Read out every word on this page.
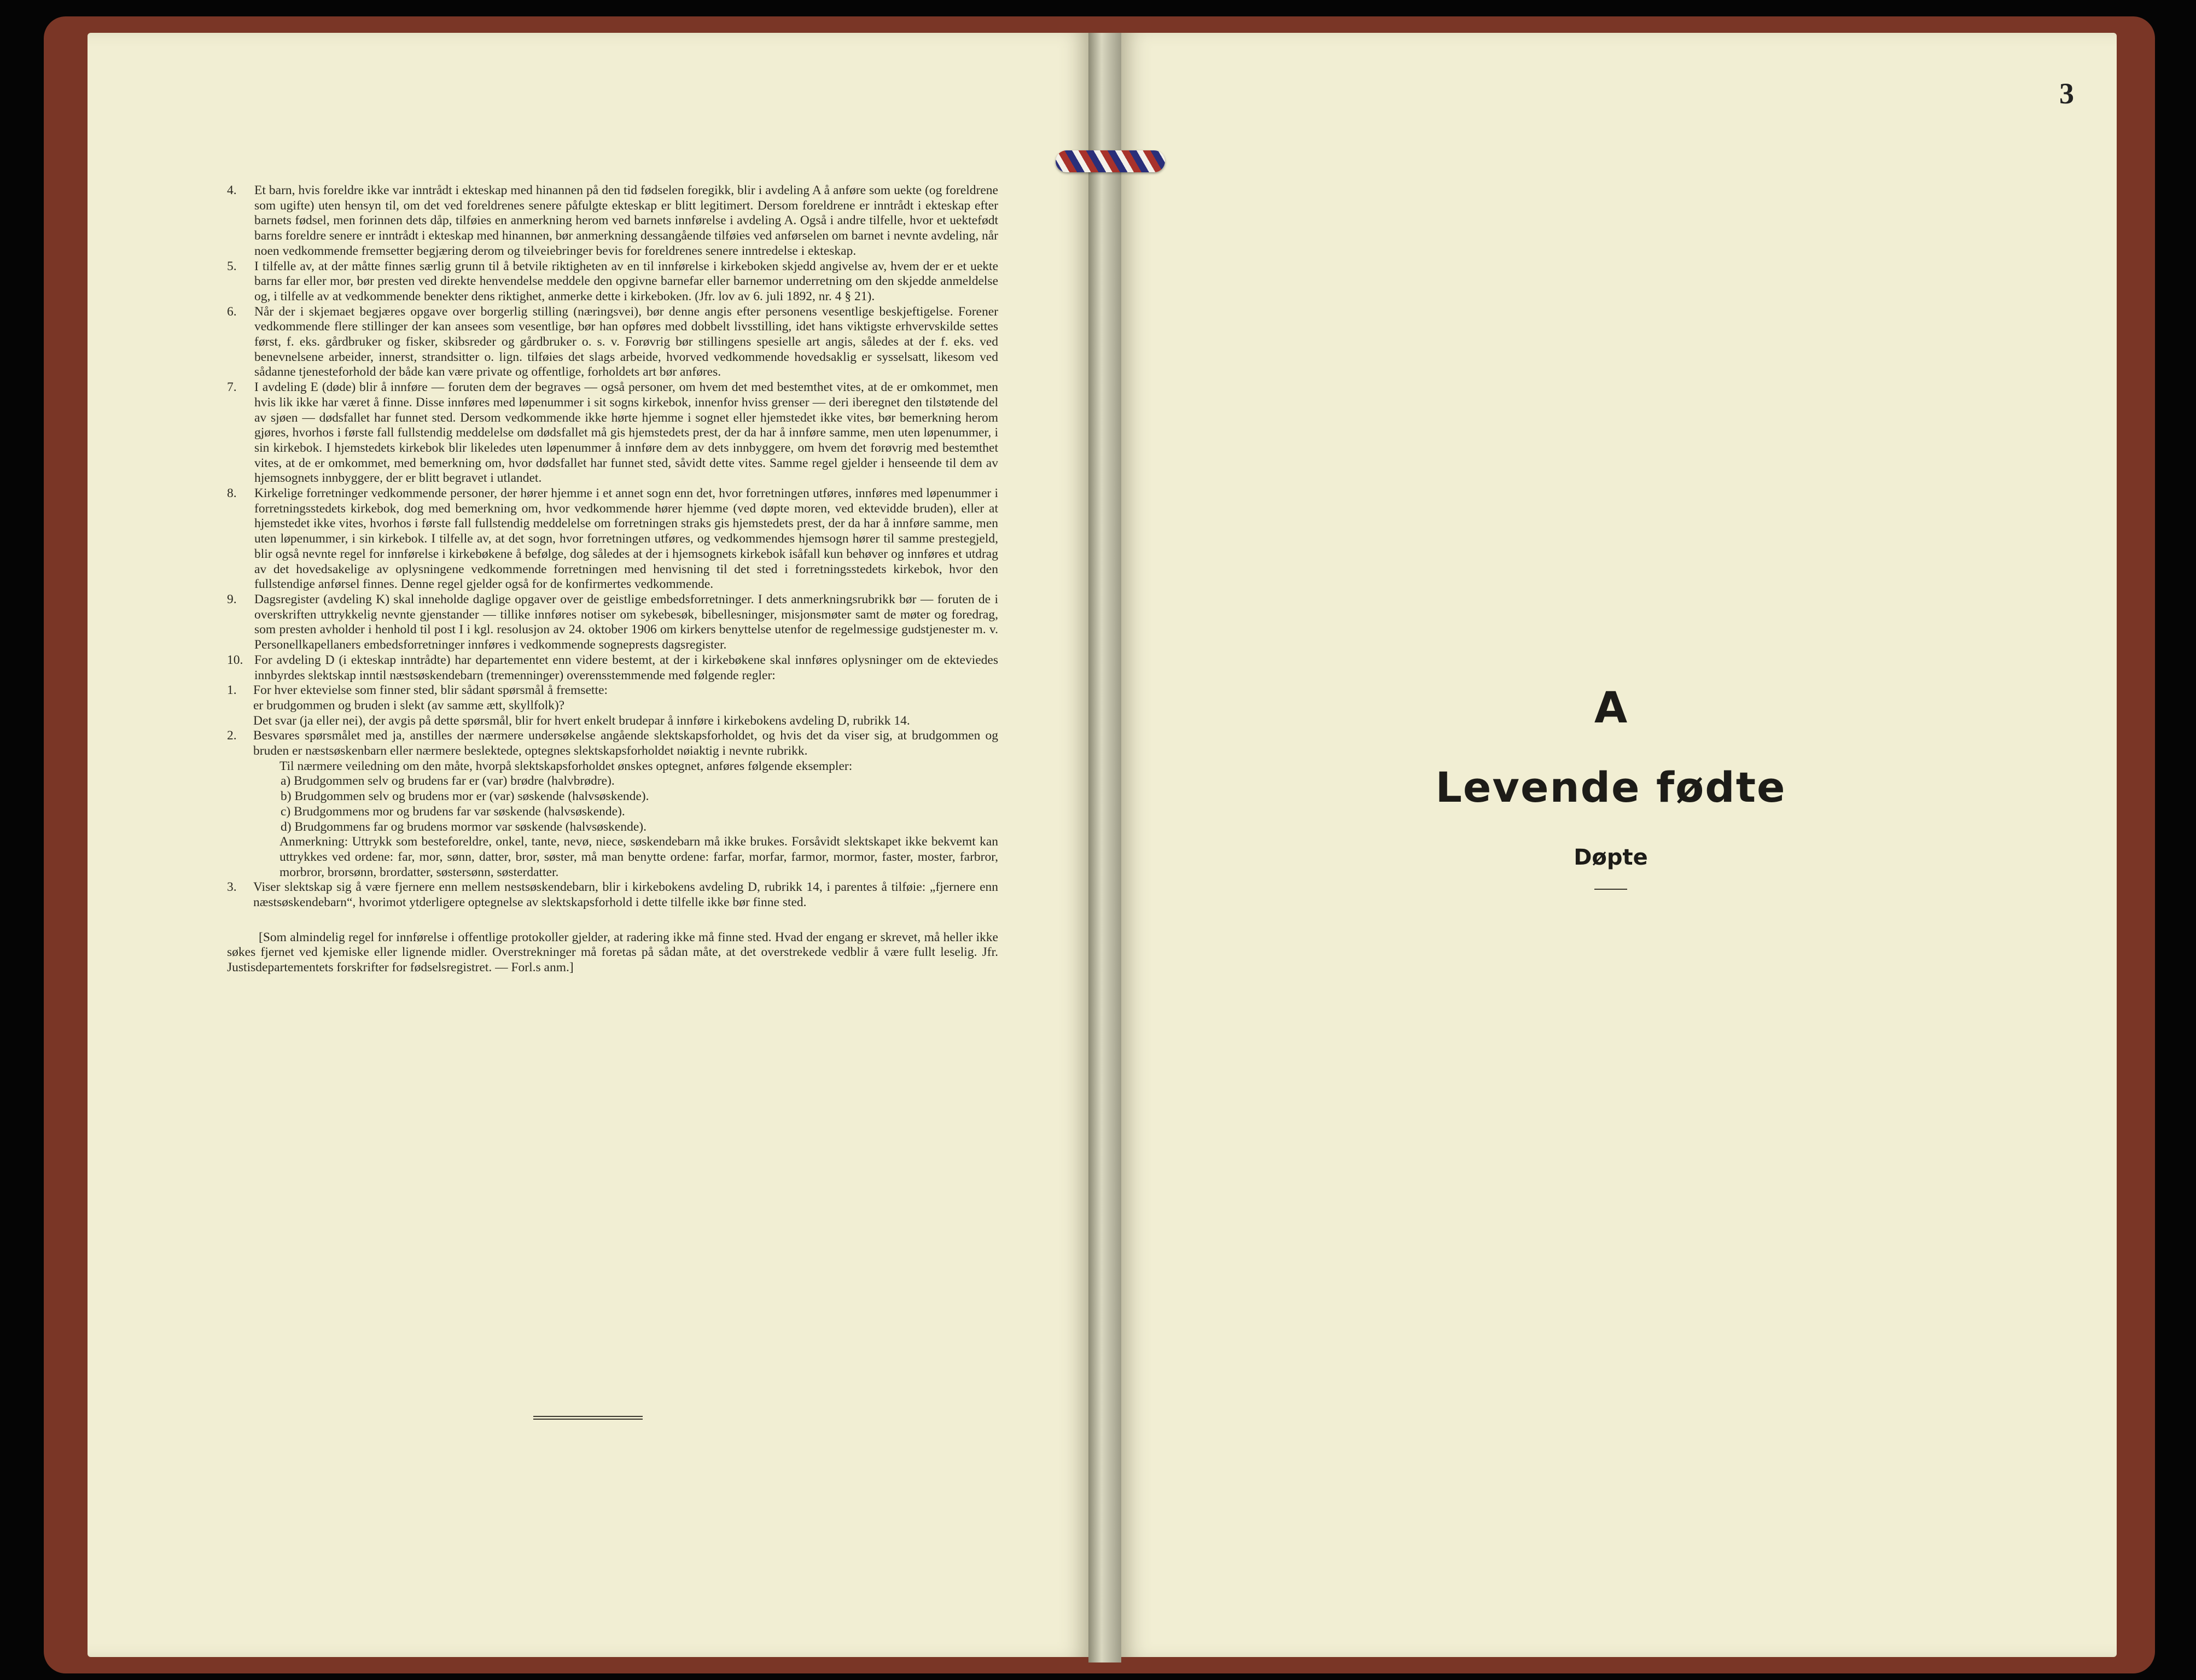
3
4. Et barn, hvis foreldre ikke var inntrådt i ekteskap med hinannen på den tid fødselen foregikk, blir i avdeling A å anføre som uekte (og foreldrene som ugifte) uten hensyn til, om det ved foreldrenes senere påfulgte ekteskap er blitt legitimert. Dersom foreldrene er inntrådt i ekteskap efter barnets fødsel, men forinnen dets dåp, tilføies en anmerkning herom ved barnets innførelse i avdeling A. Også i andre tilfelle, hvor et uektefødt barns foreldre senere er inntrådt i ekteskap med hinannen, bør anmerkning dessangående tilføies ved anførselen om barnet i nevnte avdeling, når noen vedkommende fremsetter begjæring derom og tilveiebringer bevis for foreldrenes senere inntredelse i ekteskap.
5. I tilfelle av, at der måtte finnes særlig grunn til å betvile riktigheten av en til innførelse i kirkeboken skjedd angivelse av, hvem der er et uekte barns far eller mor, bør presten ved direkte henvendelse meddele den opgivne barnefar eller barnemor underretning om den skjedde anmeldelse og, i tilfelle av at vedkommende benekter dens riktighet, anmerke dette i kirkeboken. (Jfr. lov av 6. juli 1892, nr. 4 § 21).
6. Når der i skjemaet begjæres opgave over borgerlig stilling (næringsvei), bør denne angis efter personens vesentlige beskjeftigelse. Forener vedkommende flere stillinger der kan ansees som vesentlige, bør han opføres med dobbelt livsstilling, idet hans viktigste erhvervskilde settes først, f. eks. gårdbruker og fisker, skibsreder og gårdbruker o. s. v. Forøvrig bør stillingens spesielle art angis, således at der f. eks. ved benevnelsene arbeider, innerst, strandsitter o. lign. tilføies det slags arbeide, hvorved vedkommende hovedsaklig er sysselsatt, likesom ved sådanne tjenesteforhold der både kan være private og offentlige, forholdets art bør anføres.
7. I avdeling E (døde) blir å innføre — foruten dem der begraves — også personer, om hvem det med bestemthet vites, at de er omkommet, men hvis lik ikke har været å finne. Disse innføres med løpenummer i sit sogns kirkebok, innenfor hviss grenser — deri iberegnet den tilstøtende del av sjøen — dødsfallet har funnet sted. Dersom vedkommende ikke hørte hjemme i sognet eller hjemstedet ikke vites, bør bemerkning herom gjøres, hvorhos i første fall fullstendig meddelelse om dødsfallet må gis hjemstedets prest, der da har å innføre samme, men uten løpenummer, i sin kirkebok. I hjemstedets kirkebok blir likeledes uten løpenummer å innføre dem av dets innbyggere, om hvem det forøvrig med bestemthet vites, at de er omkommet, med bemerkning om, hvor dødsfallet har funnet sted, såvidt dette vites. Samme regel gjelder i henseende til dem av hjemsognets innbyggere, der er blitt begravet i utlandet.
8. Kirkelige forretninger vedkommende personer, der hører hjemme i et annet sogn enn det, hvor forretningen utføres, innføres med løpenummer i forretningsstedets kirkebok, dog med bemerkning om, hvor vedkommende hører hjemme (ved døpte moren, ved ektevidde bruden), eller at hjemstedet ikke vites, hvorhos i første fall fullstendig meddelelse om forretningen straks gis hjemstedets prest, der da har å innføre samme, men uten løpenummer, i sin kirkebok. I tilfelle av, at det sogn, hvor forretningen utføres, og vedkommendes hjemsogn hører til samme prestegjeld, blir også nevnte regel for innførelse i kirkebøkene å befølge, dog således at der i hjemsognets kirkebok isåfall kun behøver og innføres et utdrag av det hovedsakelige av oplysningene vedkommende forretningen med henvisning til det sted i forretningsstedets kirkebok, hvor den fullstendige anførsel finnes. Denne regel gjelder også for de konfirmertes vedkommende.
9. Dagsregister (avdeling K) skal inneholde daglige opgaver over de geistlige embedsforretninger. I dets anmerkningsrubrikk bør — foruten de i overskriften uttrykkelig nevnte gjenstander — tillike innføres notiser om sykebesøk, bibellesninger, misjonsmøter samt de møter og foredrag, som presten avholder i henhold til post I i kgl. resolusjon av 24. oktober 1906 om kirkers benyttelse utenfor de regelmessige gudstjenester m. v. Personellkapellaners embedsforretninger innføres i vedkommende sogneprests dagsregister.
10. For avdeling D (i ekteskap inntrådte) har departementet enn videre bestemt, at der i kirkebøkene skal innføres oplysninger om de ekteviedes innbyrdes slektskap inntil næstsøskendebarn (tremenninger) overensstemmende med følgende regler:
1. For hver ektevielse som finner sted, blir sådant spørsmål å fremsette:
er brudgommen og bruden i slekt (av samme ætt, skyllfolk)?
Det svar (ja eller nei), der avgis på dette spørsmål, blir for hvert enkelt brudepar å innføre i kirkebokens avdeling D, rubrikk 14.
2. Besvares spørsmålet med ja, anstilles der nærmere undersøkelse angående slektskapsforholdet, og hvis det da viser sig, at brudgommen og bruden er næstsøskenbarn eller nærmere beslektede, optegnes slektskapsforholdet nøiaktig i nevnte rubrikk.
Til nærmere veiledning om den måte, hvorpå slektskapsforholdet ønskes optegnet, anføres følgende eksempler:
a) Brudgommen selv og brudens far er (var) brødre (halvbrødre).
b) Brudgommen selv og brudens mor er (var) søskende (halvsøskende).
c) Brudgommens mor og brudens far var søskende (halvsøskende).
d) Brudgommens far og brudens mormor var søskende (halvsøskende).
Anmerkning: Uttrykk som besteforeldre, onkel, tante, nevø, niece, søskendebarn må ikke brukes. Forsåvidt slektskapet ikke bekvemt kan uttrykkes ved ordene: far, mor, sønn, datter, bror, søster, må man benytte ordene: farfar, morfar, farmor, mormor, faster, moster, farbror, morbror, brorsønn, brordatter, søstersønn, søsterdatter.
3. Viser slektskap sig å være fjernere enn mellem nestsøskendebarn, blir i kirkebokens avdeling D, rubrikk 14, i parentes å tilføie: „fjernere enn næstsøskendebarn“, hvorimot ytderligere optegnelse av slektskapsforhold i dette tilfelle ikke bør finne sted.
[Som almindelig regel for innførelse i offentlige protokoller gjelder, at radering ikke må finne sted. Hvad der engang er skrevet, må heller ikke søkes fjernet ved kjemiske eller lignende midler. Overstrekninger må foretas på sådan måte, at det overstrekede vedblir å være fullt leselig. Jfr. Justisdepartementets forskrifter for fødselsregistret. — Forl.s anm.]
A
Levende fødte
Døpte
